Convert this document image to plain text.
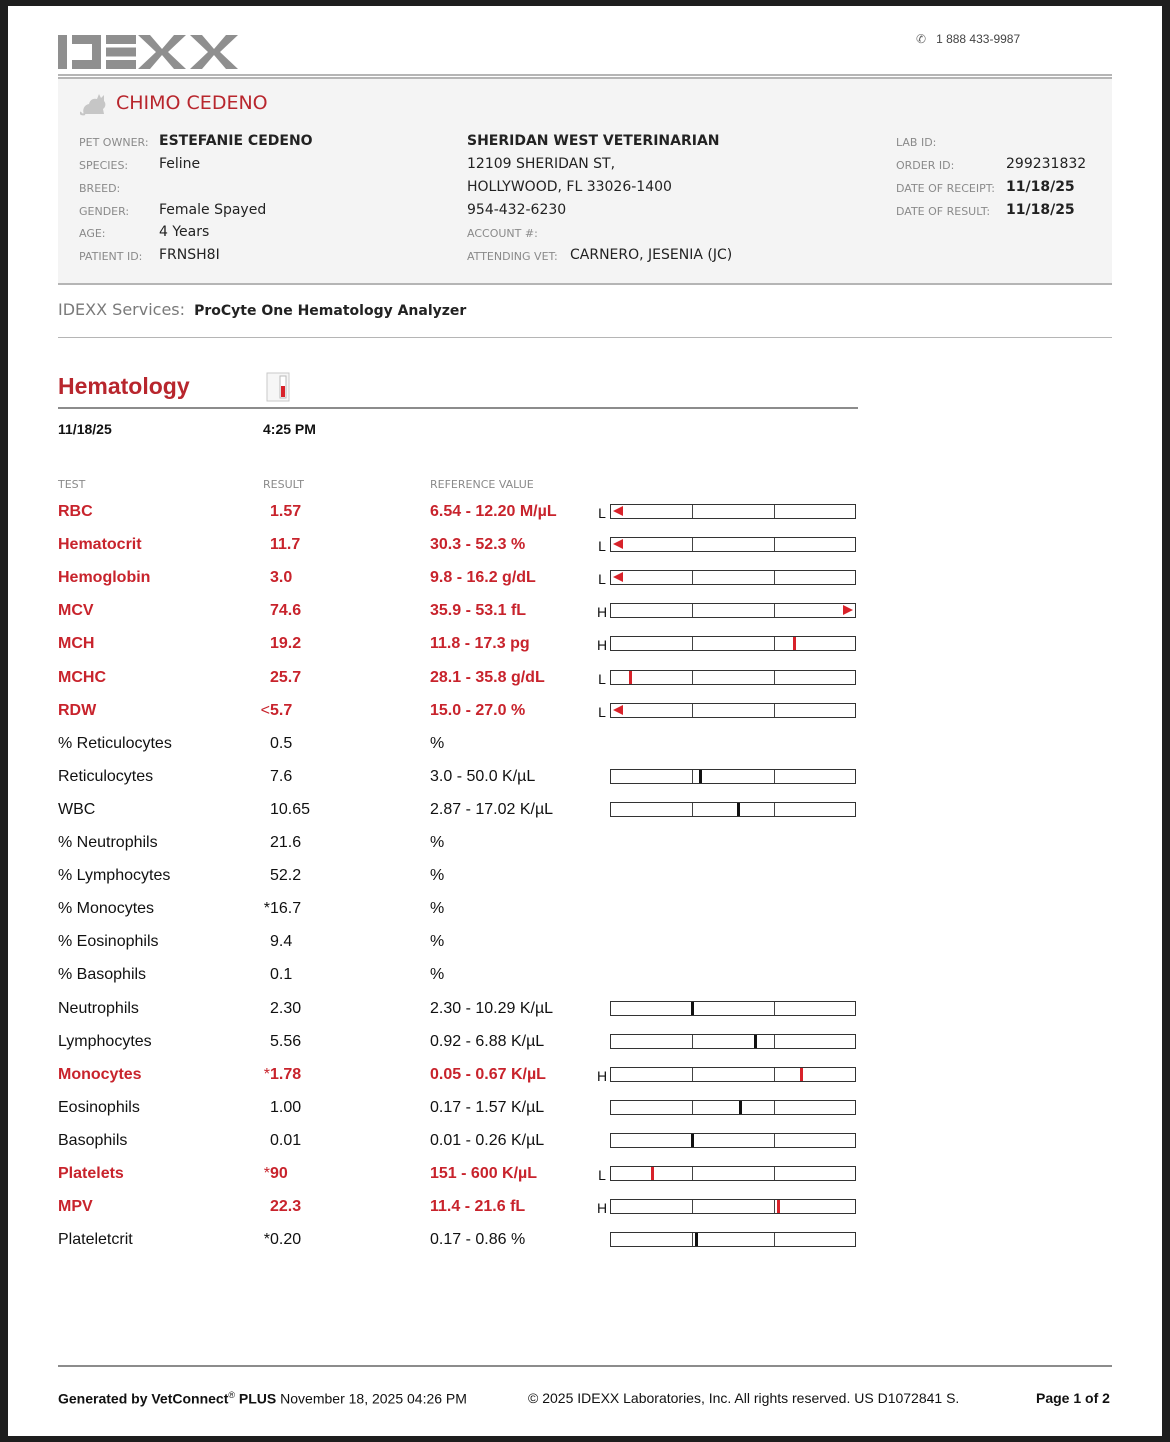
✆ 1 888 433-9987
CHIMO CEDENO
PET OWNER: ESTEFANIE CEDENO
SPECIES: Feline
BREED:
GENDER: Female Spayed
AGE:	4 Years
PATIENT ID: FRNSH8I
SHERIDAN WEST VETERINARIAN
12109 SHERIDAN ST,
HOLLYWOOD, FL 33026-1400
954-432-6230
ACCOUNT #:
ATTENDING VET: CARNERO, JESENIA (JC)
LAB ID:
ORDER ID:	299231832
DATE OF RECEIPT: 11/18/25
DATE OF RESULT: 11/18/25
IDEXX Services: ProCyte One Hematology Analyzer
Hematology
11/18/25	4:25 PM
TEST	RESULT	REFERENCE VALUE
RBC	1.57	6.54 - 12.20 M/µL	L
Hematocrit	11.7	30.3 - 52.3 %	L
Hemoglobin	3.0	9.8 - 16.2 g/dL	L
MCV	74.6	35.9 - 53.1 fL	H
MCH	19.2	11.8 - 17.3 pg	H
MCHC	25.7	28.1 - 35.8 g/dL	L
RDW	<5.7	15.0 - 27.0 %	L
% Reticulocytes	0.5	%
Reticulocytes	7.6	3.0 - 50.0 K/µL
WBC	10.65	2.87 - 17.02 K/µL
% Neutrophils	21.6	%
% Lymphocytes	52.2	%
% Monocytes	*16.7	%
% Eosinophils	9.4	%
% Basophils	0.1	%
Neutrophils	2.30	2.30 - 10.29 K/µL
Lymphocytes	5.56	0.92 - 6.88 K/µL
Monocytes	*1.78	0.05 - 0.67 K/µL	H
Eosinophils	1.00	0.17 - 1.57 K/µL
Basophils	0.01	0.01 - 0.26 K/µL
Platelets	*90	151 - 600 K/µL	L
MPV	22.3	11.4 - 21.6 fL	H
Plateletcrit	*0.20	0.17 - 0.86 %
Generated by VetConnect® PLUS November 18, 2025 04:26 PM	© 2025 IDEXX Laboratories, Inc. All rights reserved. US D1072841 S.	Page 1 of 2
